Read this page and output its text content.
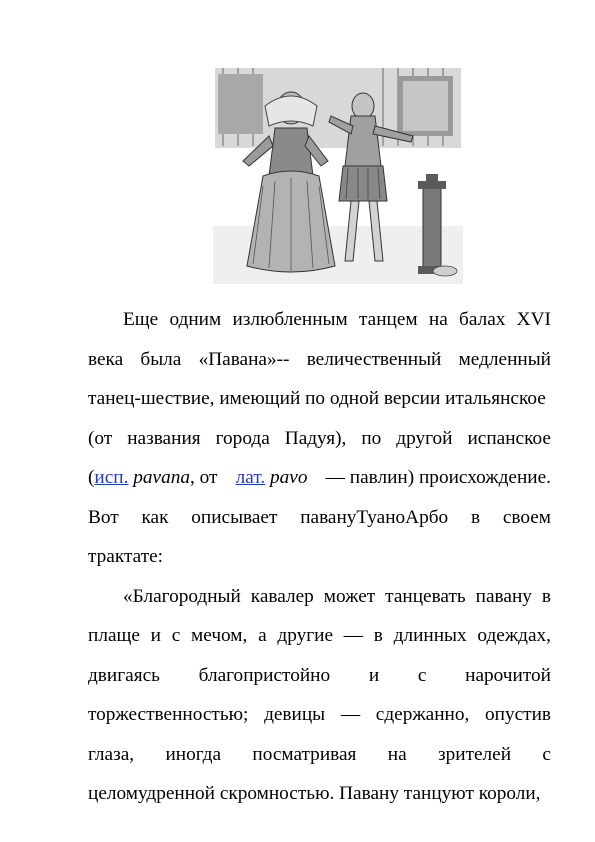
Еще одним излюбленным танцем на балах XVI
века была «Павана»-- величественный медленный
танец-шествие, имеющий по одной версии итальянское
(от названия города Падуя), по другой испанское
(исп. pavana, от лат. pavo — павлин) происхождение.
Вот как описывает павануТуаноАрбо в своем
трактате:
«Благородный кавалер может танцевать павану в
плаще и с мечом, а другие — в длинных одеждах,
двигаясь благопристойно и с нарочитой
торжественностью; девицы — сдержанно, опустив
глаза, иногда посматривая на зрителей с
целомудренной скромностью. Павану танцуют короли,
